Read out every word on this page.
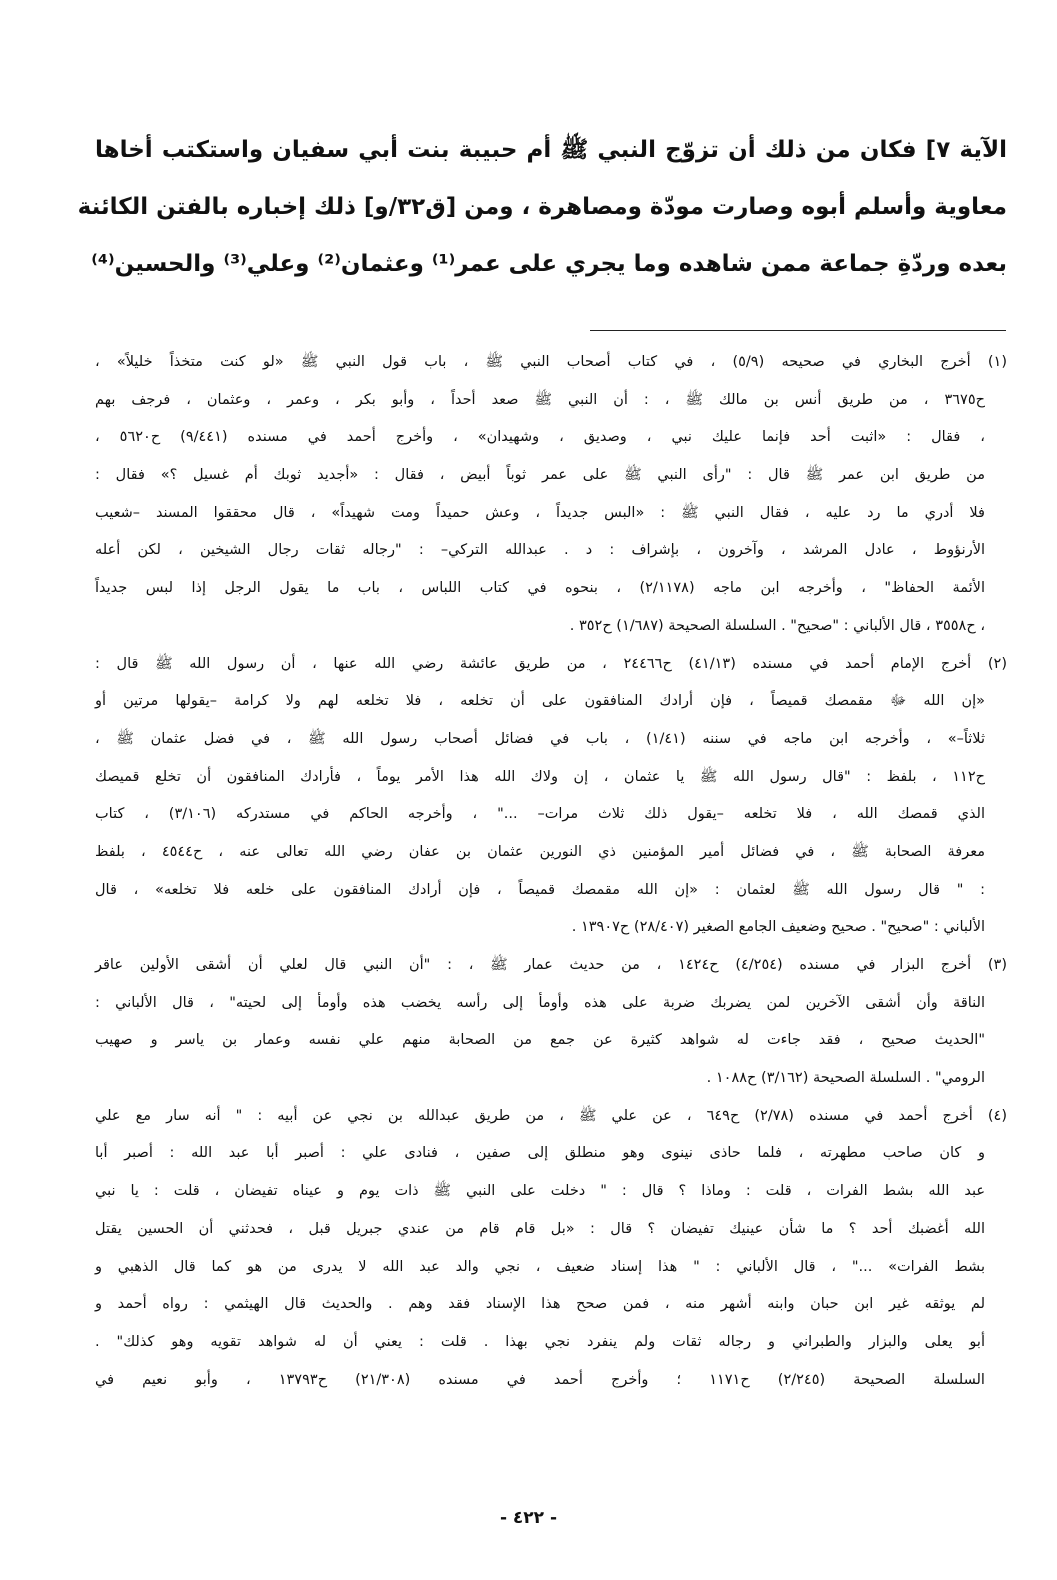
الآية ٧] فكان من ذلك أن تزوّج النبي ﷺ أم حبيبة بنت أبي سفيان واستكتب أخاها
معاوية وأسلم أبوه وصارت مودّة ومصاهرة ، ومن [ق٣٢/و] ذلك إخباره بالفتن الكائنة
بعده وردّةِ جماعة ممن شاهده وما يجري على عمر⁽¹⁾ وعثمان⁽²⁾ وعلي⁽³⁾ والحسين⁽⁴⁾
(١) أخرج البخاري في صحيحه (٥/٩) ، في كتاب أصحاب النبي ﷺ ، باب قول النبي ﷺ «لو كنت متخذاً خليلاً» ،
ح٣٦٧٥ ، من طريق أنس بن مالك ﷺ ، : أن النبي ﷺ صعد أحداً ، وأبو بكر ، وعمر ، وعثمان ، فرجف بهم
، فقال : «اثبت أحد فإنما عليك نبي ، وصديق ، وشهيدان» ، وأخرج أحمد في مسنده (٩/٤٤١) ح٥٦٢٠ ،
من طريق ابن عمر ﷺ قال : "رأى النبي ﷺ على عمر ثوباً أبيض ، فقال : «أجديد ثوبك أم غسيل ؟» فقال :
فلا أدري ما رد عليه ، فقال النبي ﷺ : «البس جديداً ، وعش حميداً ومت شهيداً» ، قال محققوا المسند –شعيب
الأرنؤوط ، عادل المرشد ، وآخرون ، بإشراف : د . عبدالله التركي– : "رجاله ثقات رجال الشيخين ، لكن أعله
الأئمة الحفاظ" ، وأخرجه ابن ماجه (٢/١١٧٨) ، بنحوه في كتاب اللباس ، باب ما يقول الرجل إذا لبس جديداً
، ح٣٥٥٨ ، قال الألباني : "صحيح" . السلسلة الصحيحة (١/٦٨٧) ح٣٥٢ .
(٢) أخرج الإمام أحمد في مسنده (٤١/١٣) ح٢٤٤٦٦ ، من طريق عائشة رضي الله عنها ، أن رسول الله ﷺ قال :
«إن الله ﷻ مقمصك قميصاً ، فإن أرادك المنافقون على أن تخلعه ، فلا تخلعه لهم ولا كرامة –يقولها مرتين أو
ثلاثاً–» ، وأخرجه ابن ماجه في سننه (١/٤١) ، باب في فضائل أصحاب رسول الله ﷺ ، في فضل عثمان ﷺ ،
ح١١٢ ، بلفظ : "قال رسول الله ﷺ يا عثمان ، إن ولاك الله هذا الأمر يوماً ، فأرادك المنافقون أن تخلع قميصك
الذي قمصك الله ، فلا تخلعه –يقول ذلك ثلاث مرات– ..." ، وأخرجه الحاكم في مستدركه (٣/١٠٦) ، كتاب
معرفة الصحابة ﷺ ، في فضائل أمير المؤمنين ذي النورين عثمان بن عفان رضي الله تعالى عنه ، ح٤٥٤٤ ، بلفظ
: " قال رسول الله ﷺ لعثمان : «إن الله مقمصك قميصاً ، فإن أرادك المنافقون على خلعه فلا تخلعه» ، قال
الألباني : "صحيح" . صحيح وضعيف الجامع الصغير (٢٨/٤٠٧) ح١٣٩٠٧ .
(٣) أخرج البزار في مسنده (٤/٢٥٤) ح١٤٢٤ ، من حديث عمار ﷺ ، : "أن النبي قال لعلي أن أشقى الأولين عاقر
الناقة وأن أشقى الآخرين لمن يضربك ضربة على هذه وأومأ إلى رأسه يخضب هذه وأومأ إلى لحيته" ، قال الألباني :
"الحديث صحيح ، فقد جاءت له شواهد كثيرة عن جمع من الصحابة منهم علي نفسه وعمار بن ياسر و صهيب
الرومي" . السلسلة الصحيحة (٣/١٦٢) ح١٠٨٨ .
(٤) أخرج أحمد في مسنده (٢/٧٨) ح٦٤٩ ، عن علي ﷺ ، من طريق عبدالله بن نجي عن أبيه : " أنه سار مع علي
و كان صاحب مطهرته ، فلما حاذى نينوى وهو منطلق إلى صفين ، فنادى علي : أصبر أبا عبد الله : أصبر أبا
عبد الله بشط الفرات ، قلت : وماذا ؟ قال : " دخلت على النبي ﷺ ذات يوم و عيناه تفيضان ، قلت : يا نبي
الله أغضبك أحد ؟ ما شأن عينيك تفيضان ؟ قال : «بل قام قام من عندي جبريل قبل ، فحدثني أن الحسين يقتل
بشط الفرات» ..." ، قال الألباني : " هذا إسناد ضعيف ، نجي والد عبد الله لا يدرى من هو كما قال الذهبي و
لم يوثقه غير ابن حبان وابنه أشهر منه ، فمن صحح هذا الإسناد فقد وهم . والحديث قال الهيثمي : رواه أحمد و
أبو يعلى والبزار والطبراني و رجاله ثقات ولم ينفرد نجي بهذا . قلت : يعني أن له شواهد تقويه وهو كذلك" .
السلسلة الصحيحة (٢/٢٤٥) ح١١٧١ ؛ وأخرج أحمد في مسنده (٢١/٣٠٨) ح١٣٧٩٣ ، وأبو نعيم في
- ٤٢٢ -
